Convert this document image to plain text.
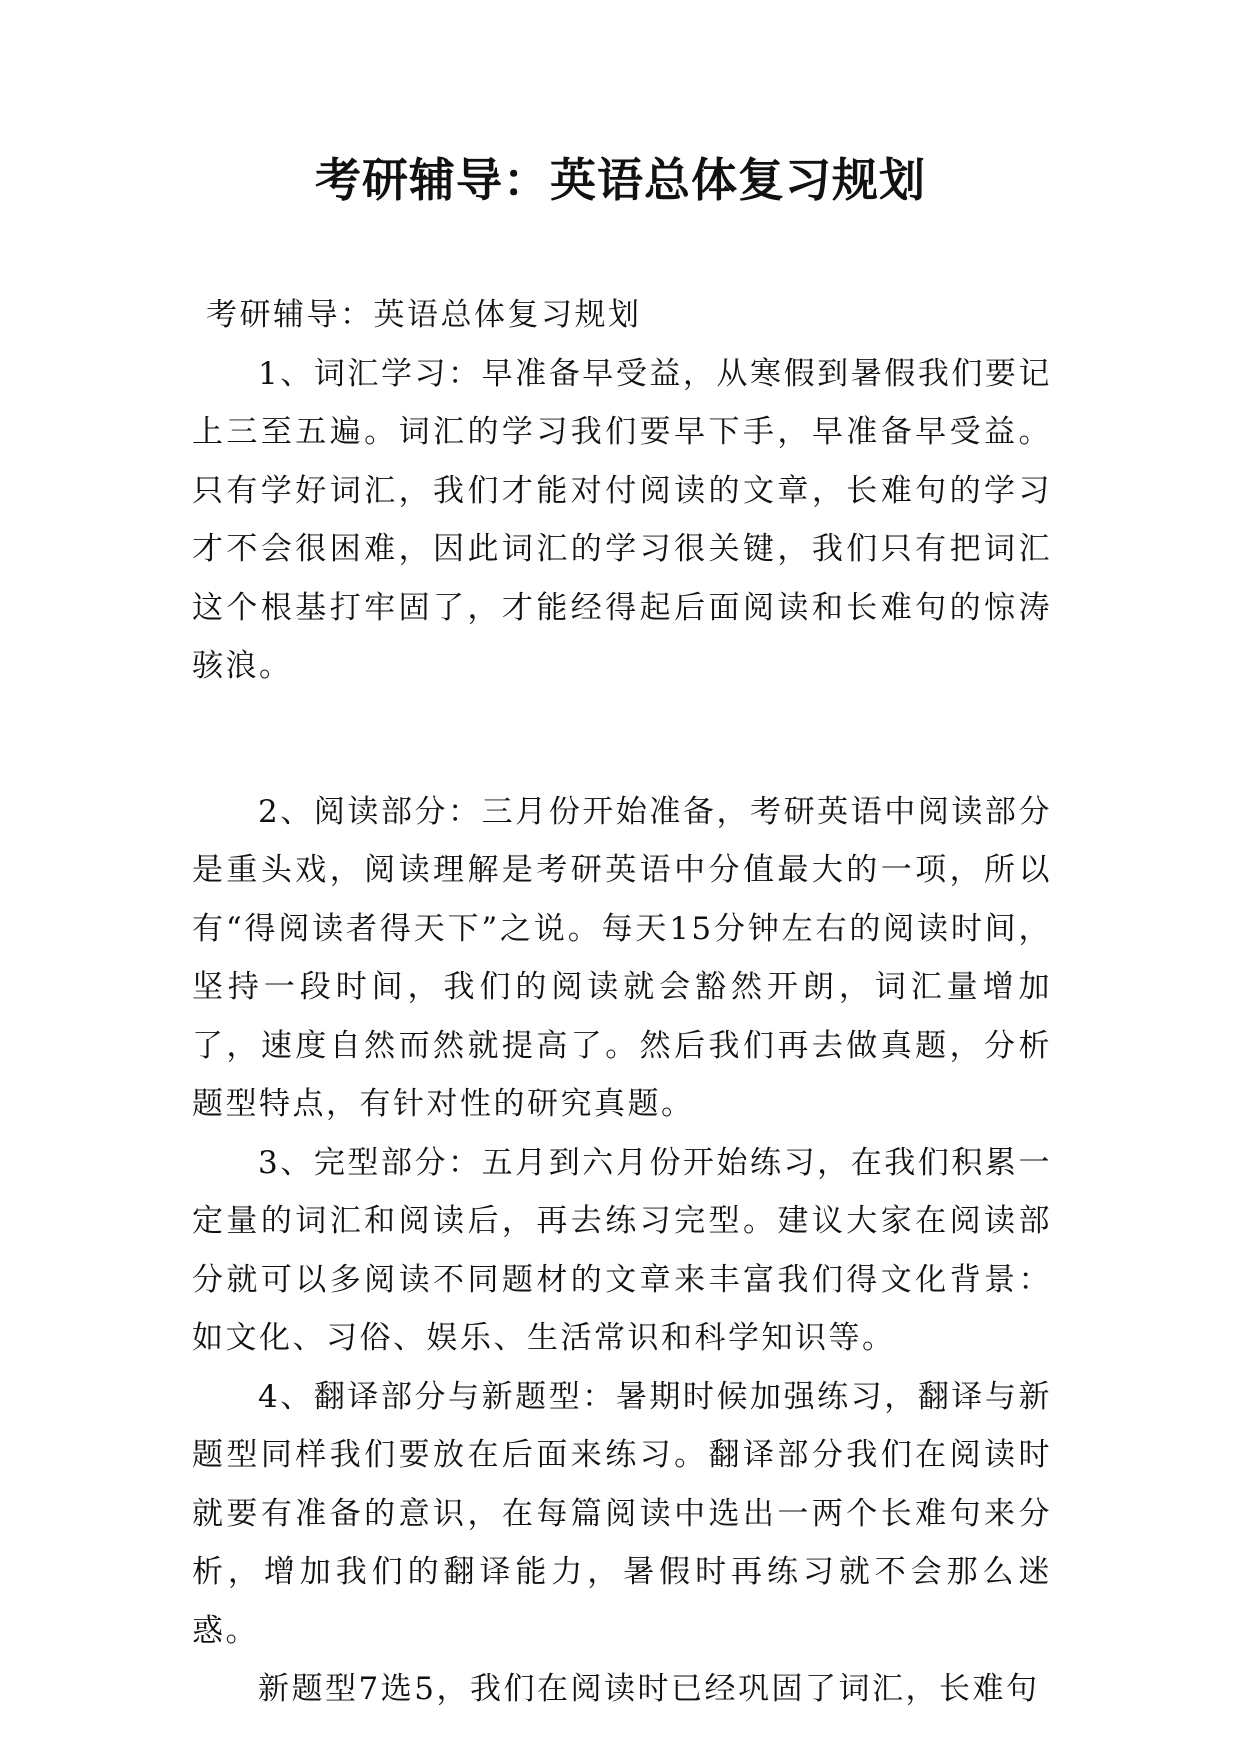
考研辅导：英语总体复习规划

考研辅导：英语总体复习规划

1、词汇学习：早准备早受益，从寒假到暑假我们要记上三至五遍。词汇的学习我们要早下手，早准备早受益。只有学好词汇，我们才能对付阅读的文章，长难句的学习才不会很困难，因此词汇的学习很关键，我们只有把词汇这个根基打牢固了，才能经得起后面阅读和长难句的惊涛骇浪。

2、阅读部分：三月份开始准备，考研英语中阅读部分是重头戏，阅读理解是考研英语中分值最大的一项，所以有“得阅读者得天下”之说。每天15分钟左右的阅读时间，坚持一段时间，我们的阅读就会豁然开朗，词汇量增加了，速度自然而然就提高了。然后我们再去做真题，分析题型特点，有针对性的研究真题。

3、完型部分：五月到六月份开始练习，在我们积累一定量的词汇和阅读后，再去练习完型。建议大家在阅读部分就可以多阅读不同题材的文章来丰富我们得文化背景：如文化、习俗、娱乐、生活常识和科学知识等。

4、翻译部分与新题型：暑期时候加强练习，翻译与新题型同样我们要放在后面来练习。翻译部分我们在阅读时就要有准备的意识，在每篇阅读中选出一两个长难句来分析，增加我们的翻译能力，暑假时再练习就不会那么迷惑。

新题型7选5，我们在阅读时已经巩固了词汇，长难句
